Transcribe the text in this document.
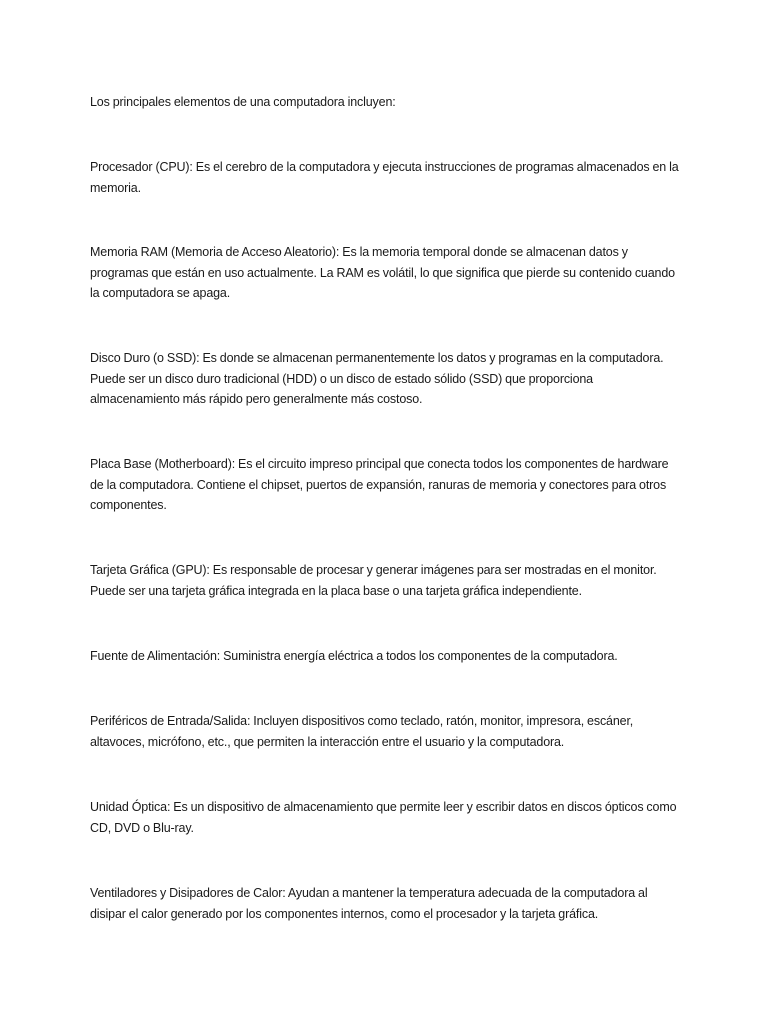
Los principales elementos de una computadora incluyen:

Procesador (CPU): Es el cerebro de la computadora y ejecuta instrucciones de programas almacenados en la memoria.

Memoria RAM (Memoria de Acceso Aleatorio): Es la memoria temporal donde se almacenan datos y programas que están en uso actualmente. La RAM es volátil, lo que significa que pierde su contenido cuando la computadora se apaga.

Disco Duro (o SSD): Es donde se almacenan permanentemente los datos y programas en la computadora. Puede ser un disco duro tradicional (HDD) o un disco de estado sólido (SSD) que proporciona almacenamiento más rápido pero generalmente más costoso.

Placa Base (Motherboard): Es el circuito impreso principal que conecta todos los componentes de hardware de la computadora. Contiene el chipset, puertos de expansión, ranuras de memoria y conectores para otros componentes.

Tarjeta Gráfica (GPU): Es responsable de procesar y generar imágenes para ser mostradas en el monitor. Puede ser una tarjeta gráfica integrada en la placa base o una tarjeta gráfica independiente.

Fuente de Alimentación: Suministra energía eléctrica a todos los componentes de la computadora.

Periféricos de Entrada/Salida: Incluyen dispositivos como teclado, ratón, monitor, impresora, escáner, altavoces, micrófono, etc., que permiten la interacción entre el usuario y la computadora.

Unidad Óptica: Es un dispositivo de almacenamiento que permite leer y escribir datos en discos ópticos como CD, DVD o Blu-ray.

Ventiladores y Disipadores de Calor: Ayudan a mantener la temperatura adecuada de la computadora al disipar el calor generado por los componentes internos, como el procesador y la tarjeta gráfica.
